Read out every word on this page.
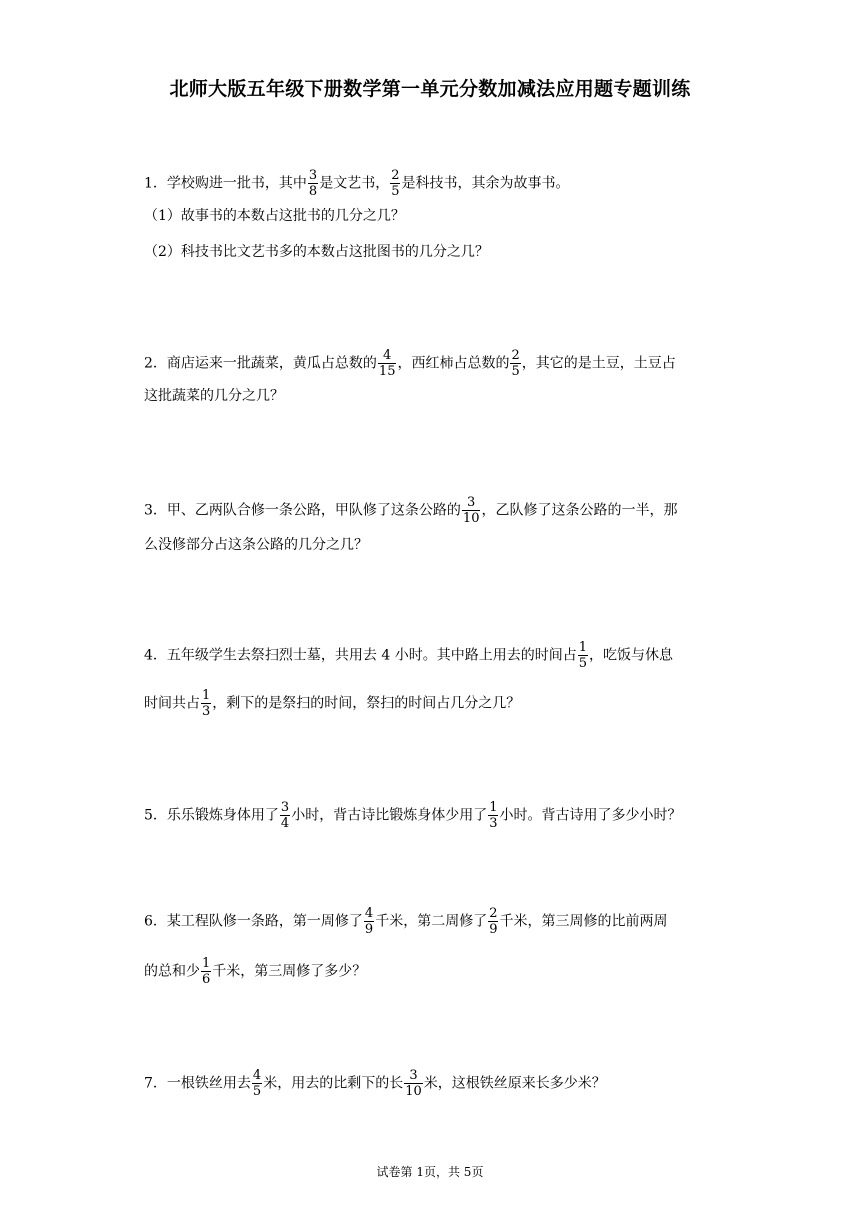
北师大版五年级下册数学第一单元分数加减法应用题专题训练
1．学校购进一批书，其中 $\frac{3}{8}$ 是文艺书， $\frac{2}{5}$ 是科技书，其余为故事书。
（1）故事书的本数占这批书的几分之几？
（2）科技书比文艺书多的本数占这批图书的几分之几？
2．商店运来一批蔬菜，黄瓜占总数的 $\frac{4}{15}$ ，西红柿占总数的 $\frac{2}{5}$ ，其它的是土豆，土豆占
这批蔬菜的几分之几？
3．甲、乙两队合修一条公路，甲队修了这条公路的 $\frac{3}{10}$ ，乙队修了这条公路的一半，那
么没修部分占这条公路的几分之几？
4．五年级学生去祭扫烈士墓，共用去 4 小时。其中路上用去的时间占 $\frac{1}{5}$ ，吃饭与休息
时间共占 $\frac{1}{3}$ ，剩下的是祭扫的时间，祭扫的时间占几分之几？
5．乐乐锻炼身体用了 $\frac{3}{4}$ 小时，背古诗比锻炼身体少用了 $\frac{1}{3}$ 小时。背古诗用了多少小时？
6．某工程队修一条路，第一周修了 $\frac{4}{9}$ 千米，第二周修了 $\frac{2}{9}$ 千米，第三周修的比前两周
的总和少 $\frac{1}{6}$ 千米，第三周修了多少？
7．一根铁丝用去 $\frac{4}{5}$ 米，用去的比剩下的长 $\frac{3}{10}$ 米，这根铁丝原来长多少米？
试卷第 1页，共 5页
